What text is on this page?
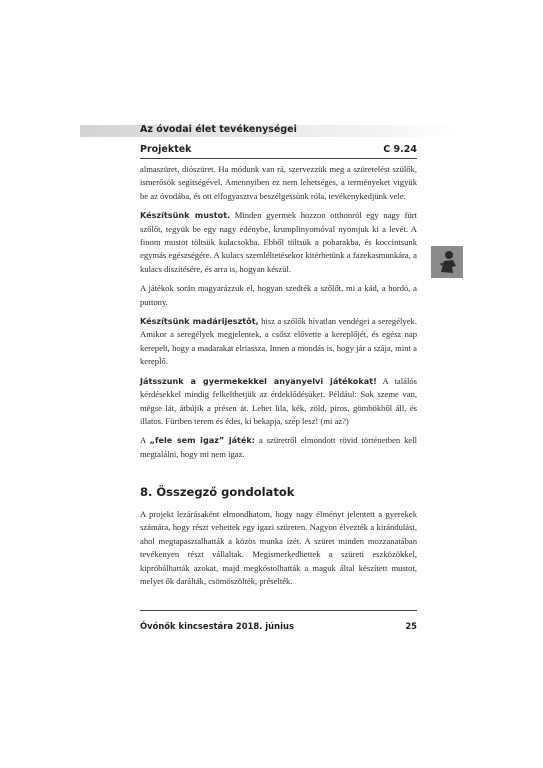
Az óvodai élet tevékenységei
Projektek	C 9.24

almaszüret, diószüret. Ha módunk van rá, szervezzük meg a szüretelést szülők, ismerősök segítségével. Amennyiben ez nem lehetséges, a terményeket vigyük be az óvodába, és ott elfogyasztva beszélgessünk róla, tevékenykedjünk vele.

Készítsünk mustot. Minden gyermek hozzon otthonról egy nagy fürt szőlőt, tegyük be egy nagy edénybe, krumplinyomóval nyomjuk ki a levét. A finom mustot töltsük kulacsokba. Ebből töltsük a poharakba, és koccintsunk egymás egészségére. A kulacs szemléltetésekor kitérhetünk a fazekasmunkára, a kulacs díszítésére, és arra is, hogyan készül.

A játékok során magyarázzuk el, hogyan szedték a szőlőt, mi a kád, a hordó, a puttony.

Készítsünk madárijesztőt, hisz a szőlők hívatlan vendégei a seregélyek. Amikor a seregélyek megjelentek, a csősz elővette a kereplőjét, és egész nap kerepelt, hogy a madarakat elriassza. Innen a mondás is, hogy jár a szája, mint a kerepl̈ő.

Játsszunk a gyermekekkel anyanyelvi játékokat! A találós kérdésekkel mindig felkelthetjük az érdeklődésüket. Például: Sok szeme van, mégse lát, átbújik a présen át. Lehet lila, kék, zöld, piros, gömbökből áll, és illatos. Fürtben terem és édes, ki bekapja, szép lesz! (mi az?)

A „fele sem igaz” játék: a szüretről elmondott rövid történetben kell megtalálni, hogy mi nem igaz.

8. Összegző gondolatok
A projekt lezárásaként elmondhatom, hogy nagy élményt jelentett a gyerekek számára, hogy részt vehettek egy igazi szüreten. Nagyon élvezték a kirándulást, ahol megtapasztalhatták a közös munka ízét. A szüret minden mozzanatában tevékenyen részt vállaltak. Megismerkedhettek a szüreti eszközökkel, kipróbálhatták azokat, majd megkóstolhatták a maguk által készített mustot, melyet ők darálták, csömöszölték, préselték.
Óvónők kincsestára 2018. június	25
